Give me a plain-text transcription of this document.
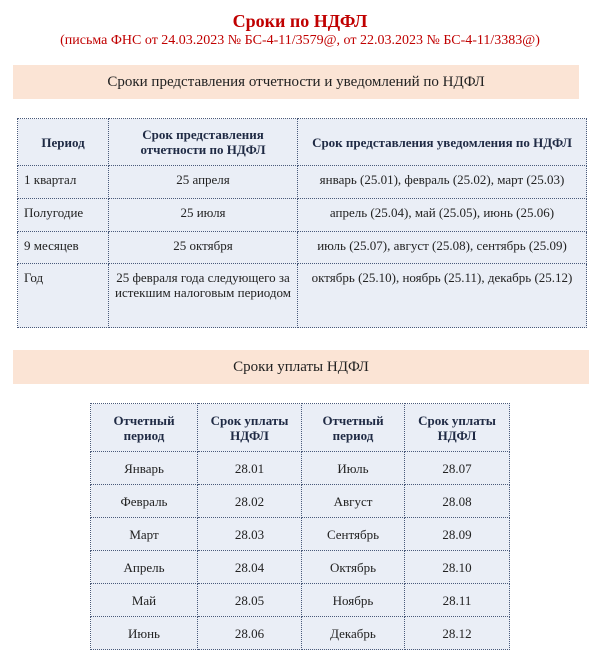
Сроки по НДФЛ
(письма ФНС от 24.03.2023 № БС-4-11/3579@, от 22.03.2023 № БС-4-11/3383@)
Сроки представления отчетности и уведомлений по НДФЛ
Период	Срок представления отчетности по НДФЛ	Срок представления уведомления по НДФЛ
1 квартал	25 апреля	январь (25.01), февраль (25.02), март (25.03)
Полугодие	25 июля	апрель (25.04), май (25.05), июнь (25.06)
9 месяцев	25 октября	июль (25.07), август (25.08), сентябрь (25.09)
Год	25 февраля года следующего за истекшим налоговым периодом	октябрь (25.10), ноябрь (25.11), декабрь (25.12)
Сроки уплаты НДФЛ
Отчетный период	Срок уплаты НДФЛ	Отчетный период	Срок уплаты НДФЛ
Январь	28.01	Июль	28.07
Февраль	28.02	Август	28.08
Март	28.03	Сентябрь	28.09
Апрель	28.04	Октябрь	28.10
Май	28.05	Ноябрь	28.11
Июнь	28.06	Декабрь	28.12
